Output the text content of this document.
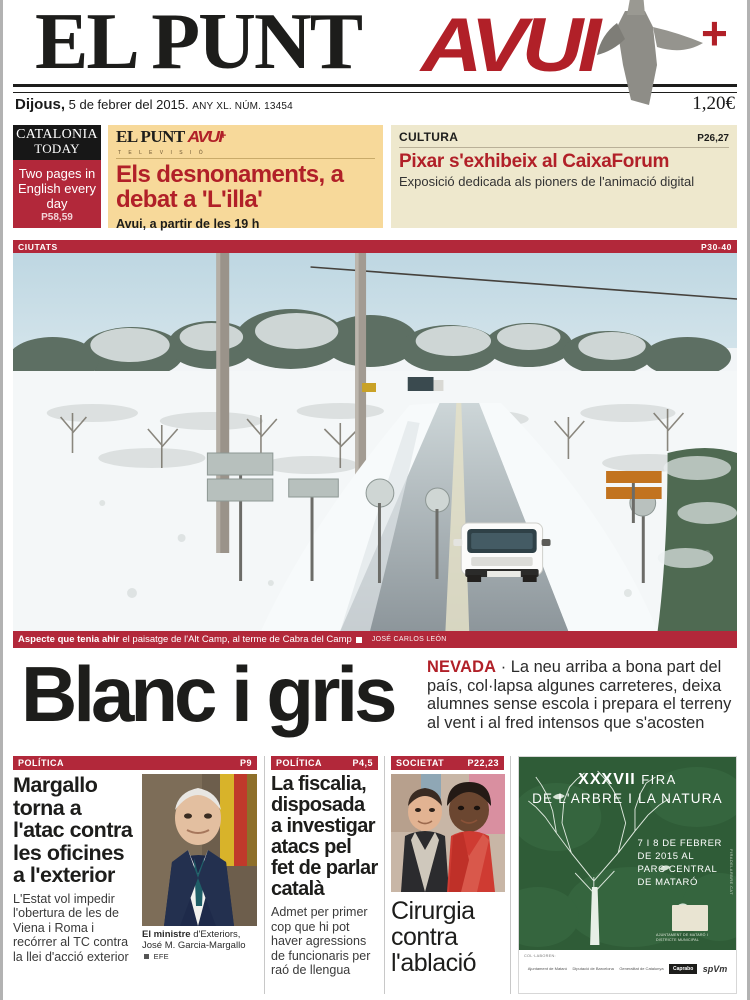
EL PUNT AVUI +
Dijous, 5 de febrer del 2015. ANY XL. NÚM. 13454	1,20€
CATALONIA
TODAY
Two pages in English every day
P58,59
EL PUNT AVUI+
T E L E V I S I Ó
Els desnonaments, a debat a 'L'illa'
Avui, a partir de les 19 h
CULTURA	P26,27
Pixar s'exhibeix al CaixaForum
Exposició dedicada als pioners de l'animació digital
CIUTATS	P30-40
Aspecte que tenia ahir el paisatge de l'Alt Camp, al terme de Cabra del Camp	JOSÉ CARLOS LEÓN
Blanc i gris NEVADA · La neu arriba a bona part del país, col·lapsa algunes carreteres, deixa alumnes sense escola i prepara el terreny al vent i al fred intensos que s'acosten
POLÍTICA	P9
Margallo torna a l'atac contra les oficines a l'exterior
L'Estat vol impedir l'obertura de les de Viena i Roma i recórrer al TC contra la llei d'acció exterior
El ministre d'Exteriors, José M. Garcia-Margallo  EFE
POLÍTICA	P4,5
La fiscalia, disposada a investigar atacs pel fet de parlar català
Admet per primer cop que hi pot haver agressions de funcionaris per raó de llengua
SOCIETAT	P22,23
Cirurgia contra l'ablació
XXXVII FIRA
DE L'ARBRE I LA NATURA
7 I 8 DE FEBRER
DE 2015 AL
PARC CENTRAL
DE MATARÓ
AJUNTAMENT DE MATARÓ I DISTRICTE MUNICIPAL
FIRADELARBRE.CAT
COL·LABOREN:
Ajuntament de Mataró Diputació de Barcelona Generalitat de Catalunya	Caprabo	spVm
